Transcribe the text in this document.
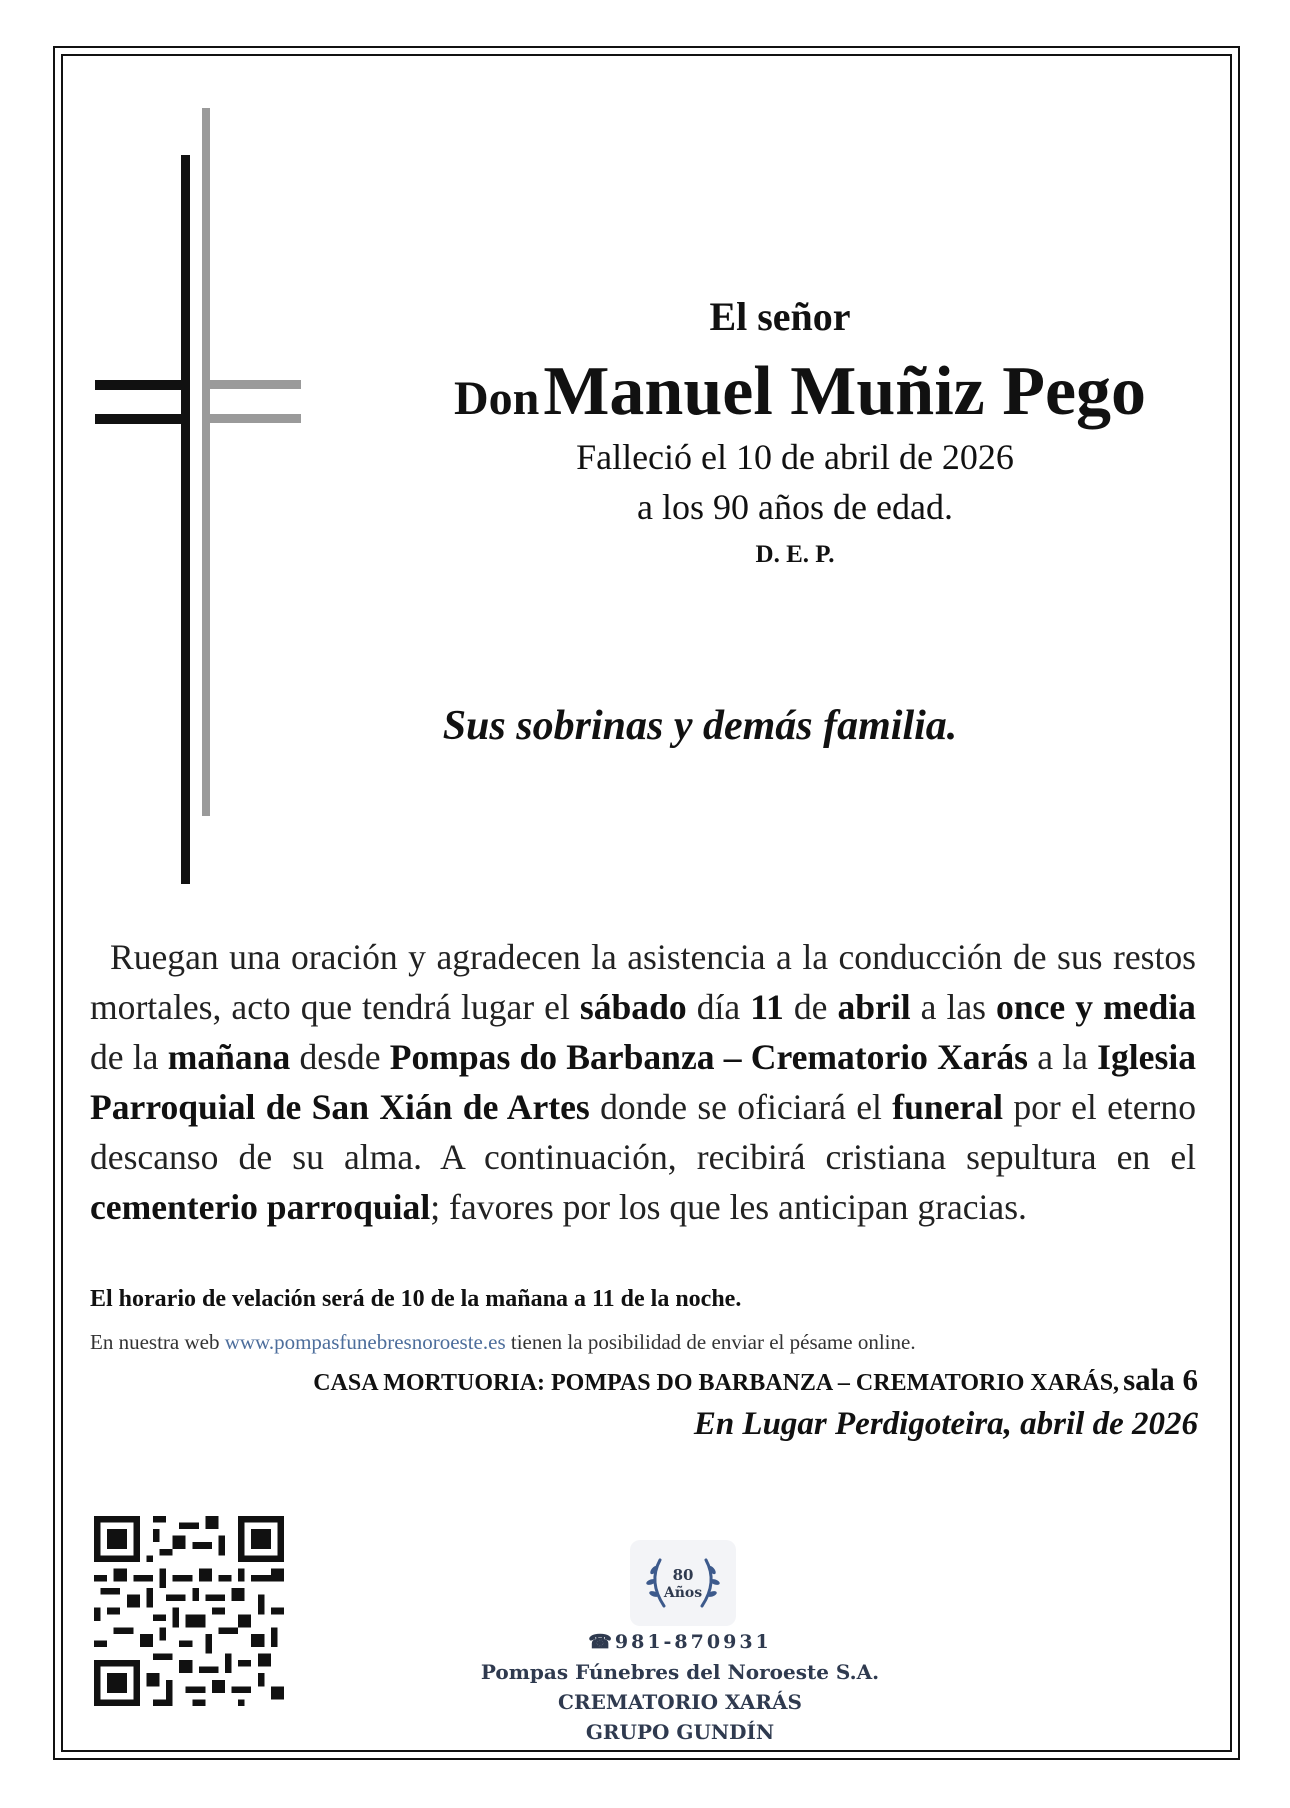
El señor
Don Manuel Muñiz Pego
Falleció el 10 de abril de 2026
a los 90 años de edad.
D. E. P.
Sus sobrinas y demás familia.
Ruegan una oración y agradecen la asistencia a la conducción de sus restos mortales, acto que tendrá lugar el sábado día 11 de abril a las once y media de la mañana desde Pompas do Barbanza – Crematorio Xarás a la Iglesia Parroquial de San Xián de Artes donde se oficiará el funeral por el eterno descanso de su alma. A continuación, recibirá cristiana sepultura en el cementerio parroquial; favores por los que les anticipan gracias.
El horario de velación será de 10 de la mañana a 11 de la noche.
En nuestra web www.pompasfunebresnoroeste.es tienen la posibilidad de enviar el pésame online.
CASA MORTUORIA: POMPAS DO BARBANZA – CREMATORIO XARÁS, sala 6
En Lugar Perdigoteira, abril de 2026
80
Años
☎981-870931
Pompas Fúnebres del Noroeste S.A.
CREMATORIO XARÁS
GRUPO GUNDÍN
